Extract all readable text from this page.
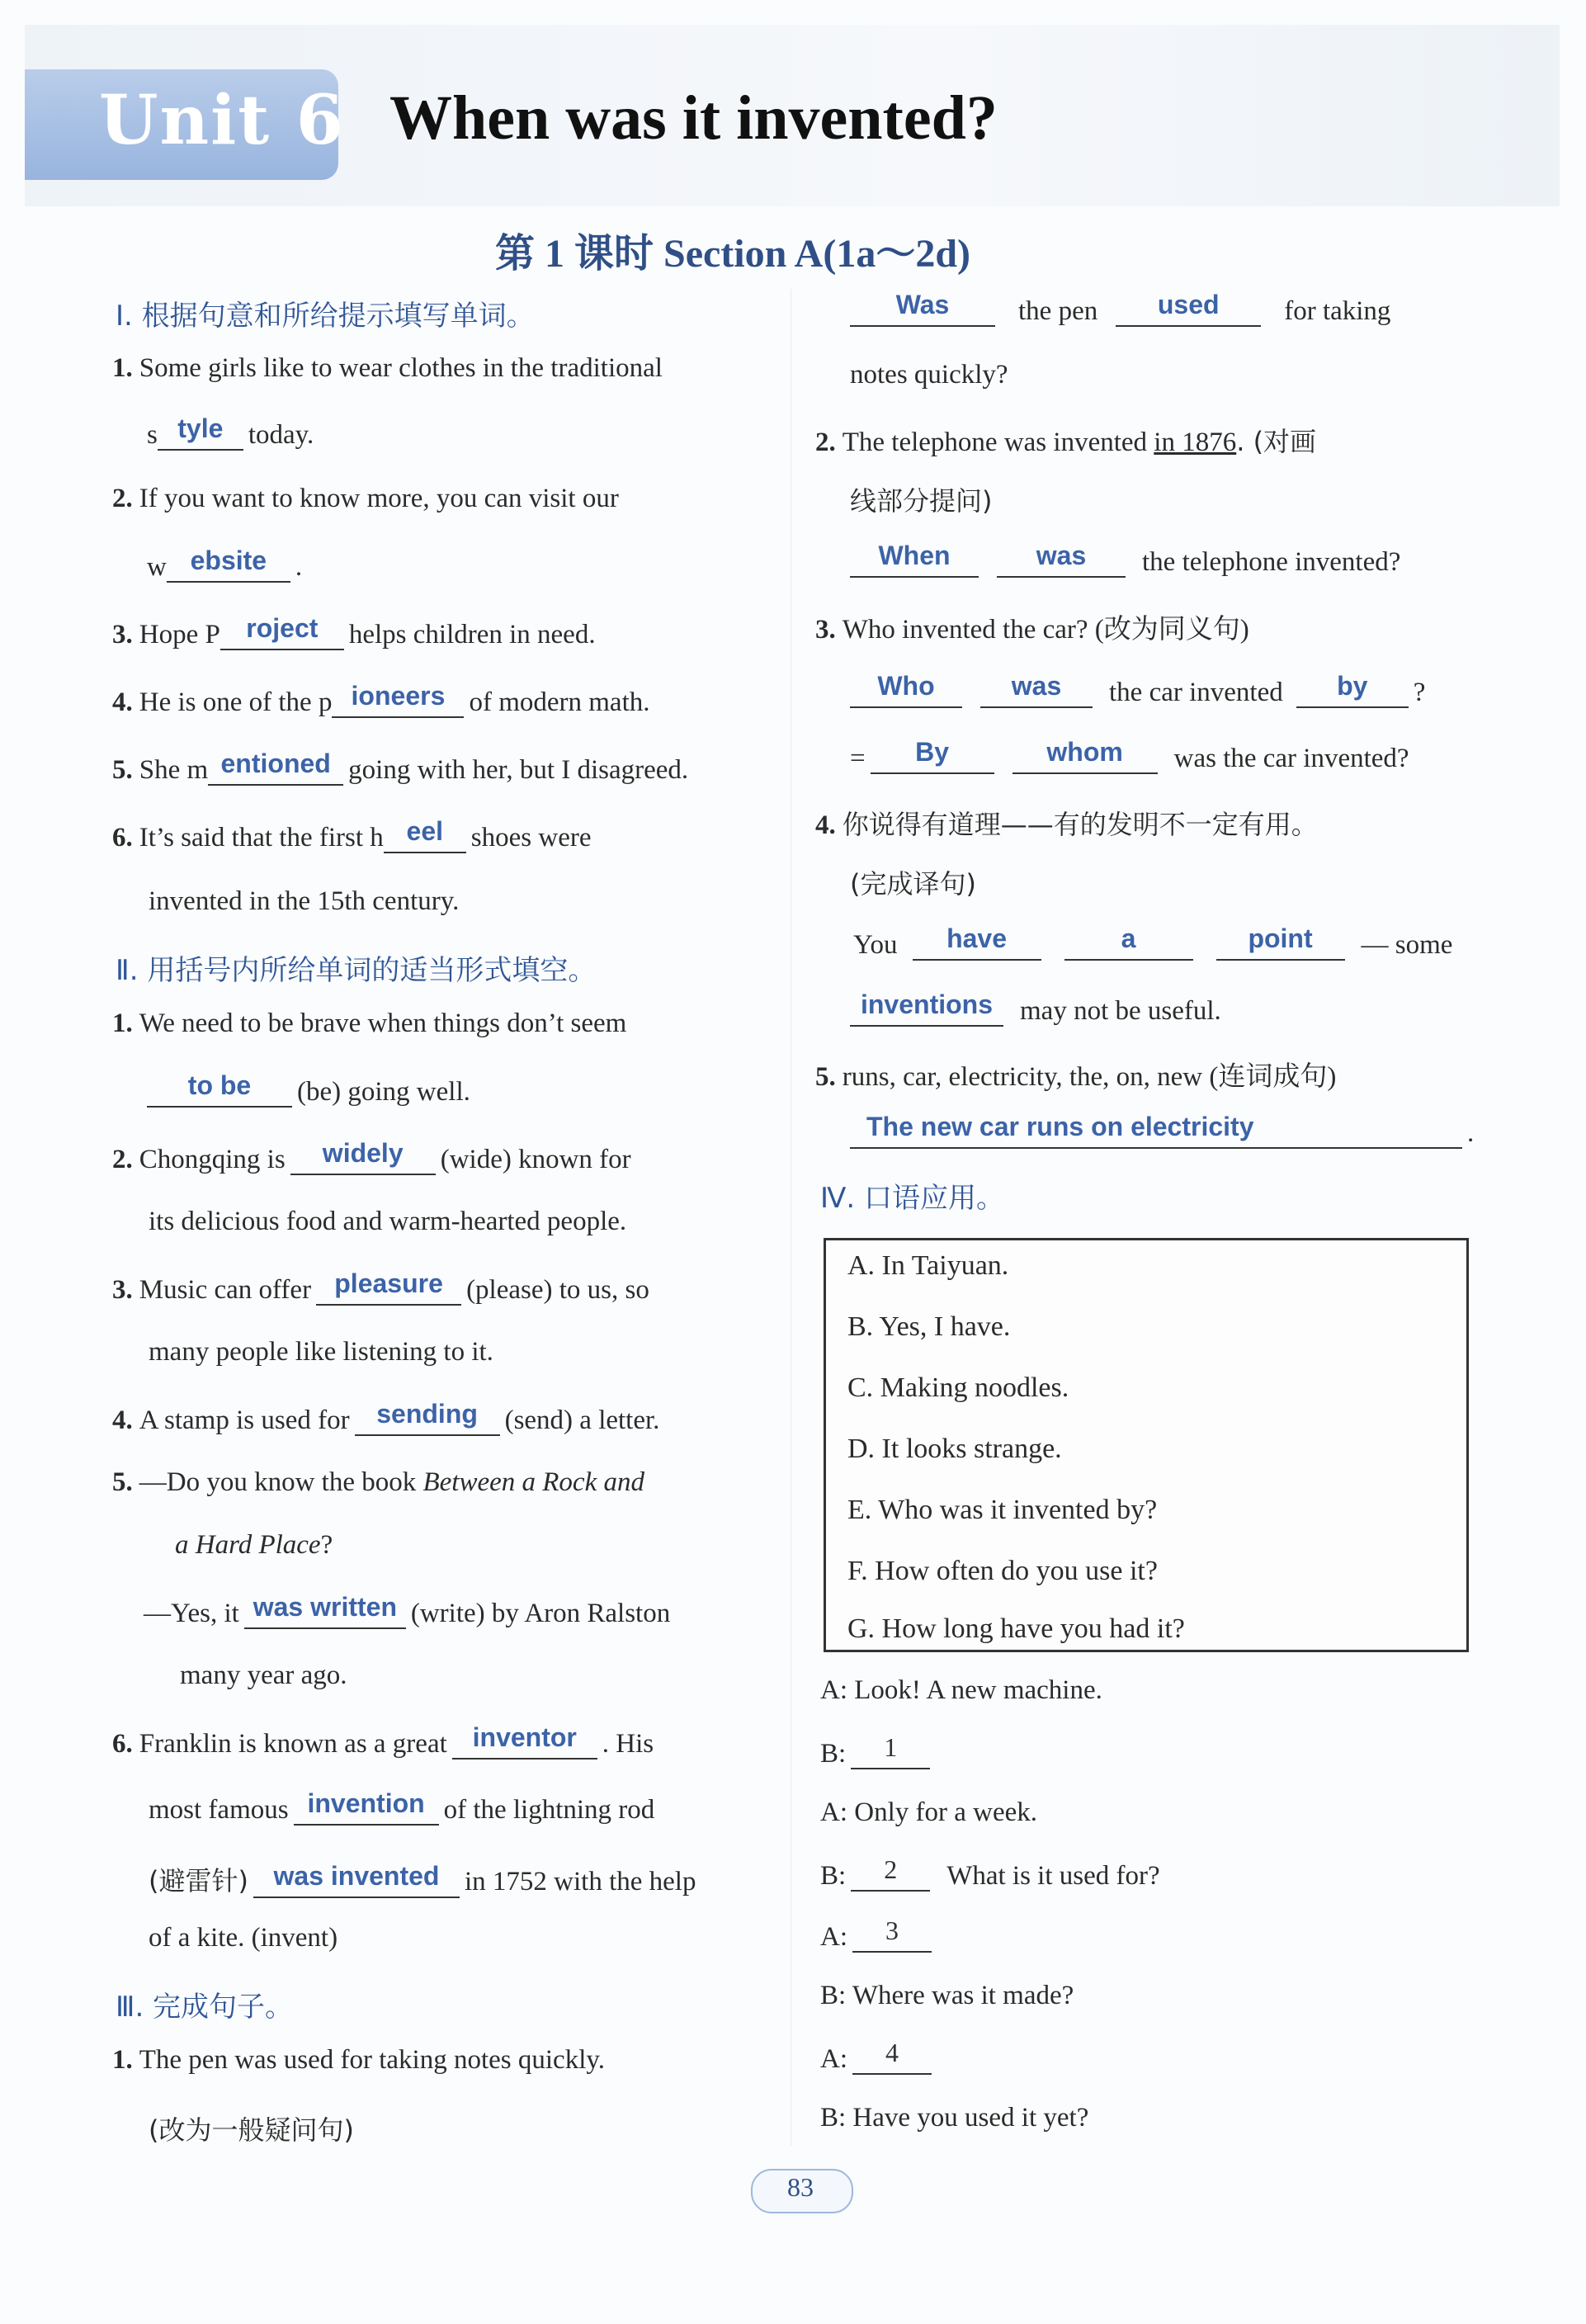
Unit 6 When was it invented?
第 1 课时 Section A(1a～2d)
Ⅰ. 根据句意和所给提示填写单词。
1. Some girls like to wear clothes in the traditional
s tyle today.
2. If you want to know more, you can visit our
w ebsite	.
3. Hope P roject	helps children in need.
4. He is one of the p ioneers of modern math.
5. She m entioned going with her, but I disagreed.
6. It’s said that the first h eel	shoes were
invented in the 15th century.
Ⅱ. 用括号内所给单词的适当形式填空。
1. We need to be brave when things don’t seem
to be	(be) going well.
2. Chongqing is	widely	(wide) known for
its delicious food and warm-hearted people.
3. Music can offer pleasure (please) to us, so
many people like listening to it.
4. A stamp is used for	sending (send) a letter.
5. —Do you know the book Between a Rock and
a Hard Place?
—Yes, it was written (write) by Aron Ralston
many year ago.
6. Franklin is known as a great inventor . His
most famous invention of the lightning rod
(避雷针) was invented in 1752 with the help
of a kite. (invent)
Ⅲ. 完成句子。
1. The pen was used for taking notes quickly.
(改为一般疑问句)
Was	the pen	used	for taking
notes quickly?
2. The telephone was invented in 1876. (对画
线部分提问)
When	was	the telephone invented?
3. Who invented the car? (改为同义句)
Who	was	the car invented	by	?
=	By	whom	was the car invented?
4. 你说得有道理——有的发明不一定有用。
(完成译句)
You	have	a	point	— some
inventions	may not be useful.
5. runs, car, electricity, the, on, new (连词成句)
The new car runs on electricity	.
Ⅳ. 口语应用。
A. In Taiyuan.
B. Yes, I have.
C. Making noodles.
D. It looks strange.
E. Who was it invented by?
F. How often do you use it?
G. How long have you had it?
A: Look! A new machine.
B:	1
A: Only for a week.
B:	2	What is it used for?
A:	3
B: Where was it made?
A:	4
B: Have you used it yet?
83
